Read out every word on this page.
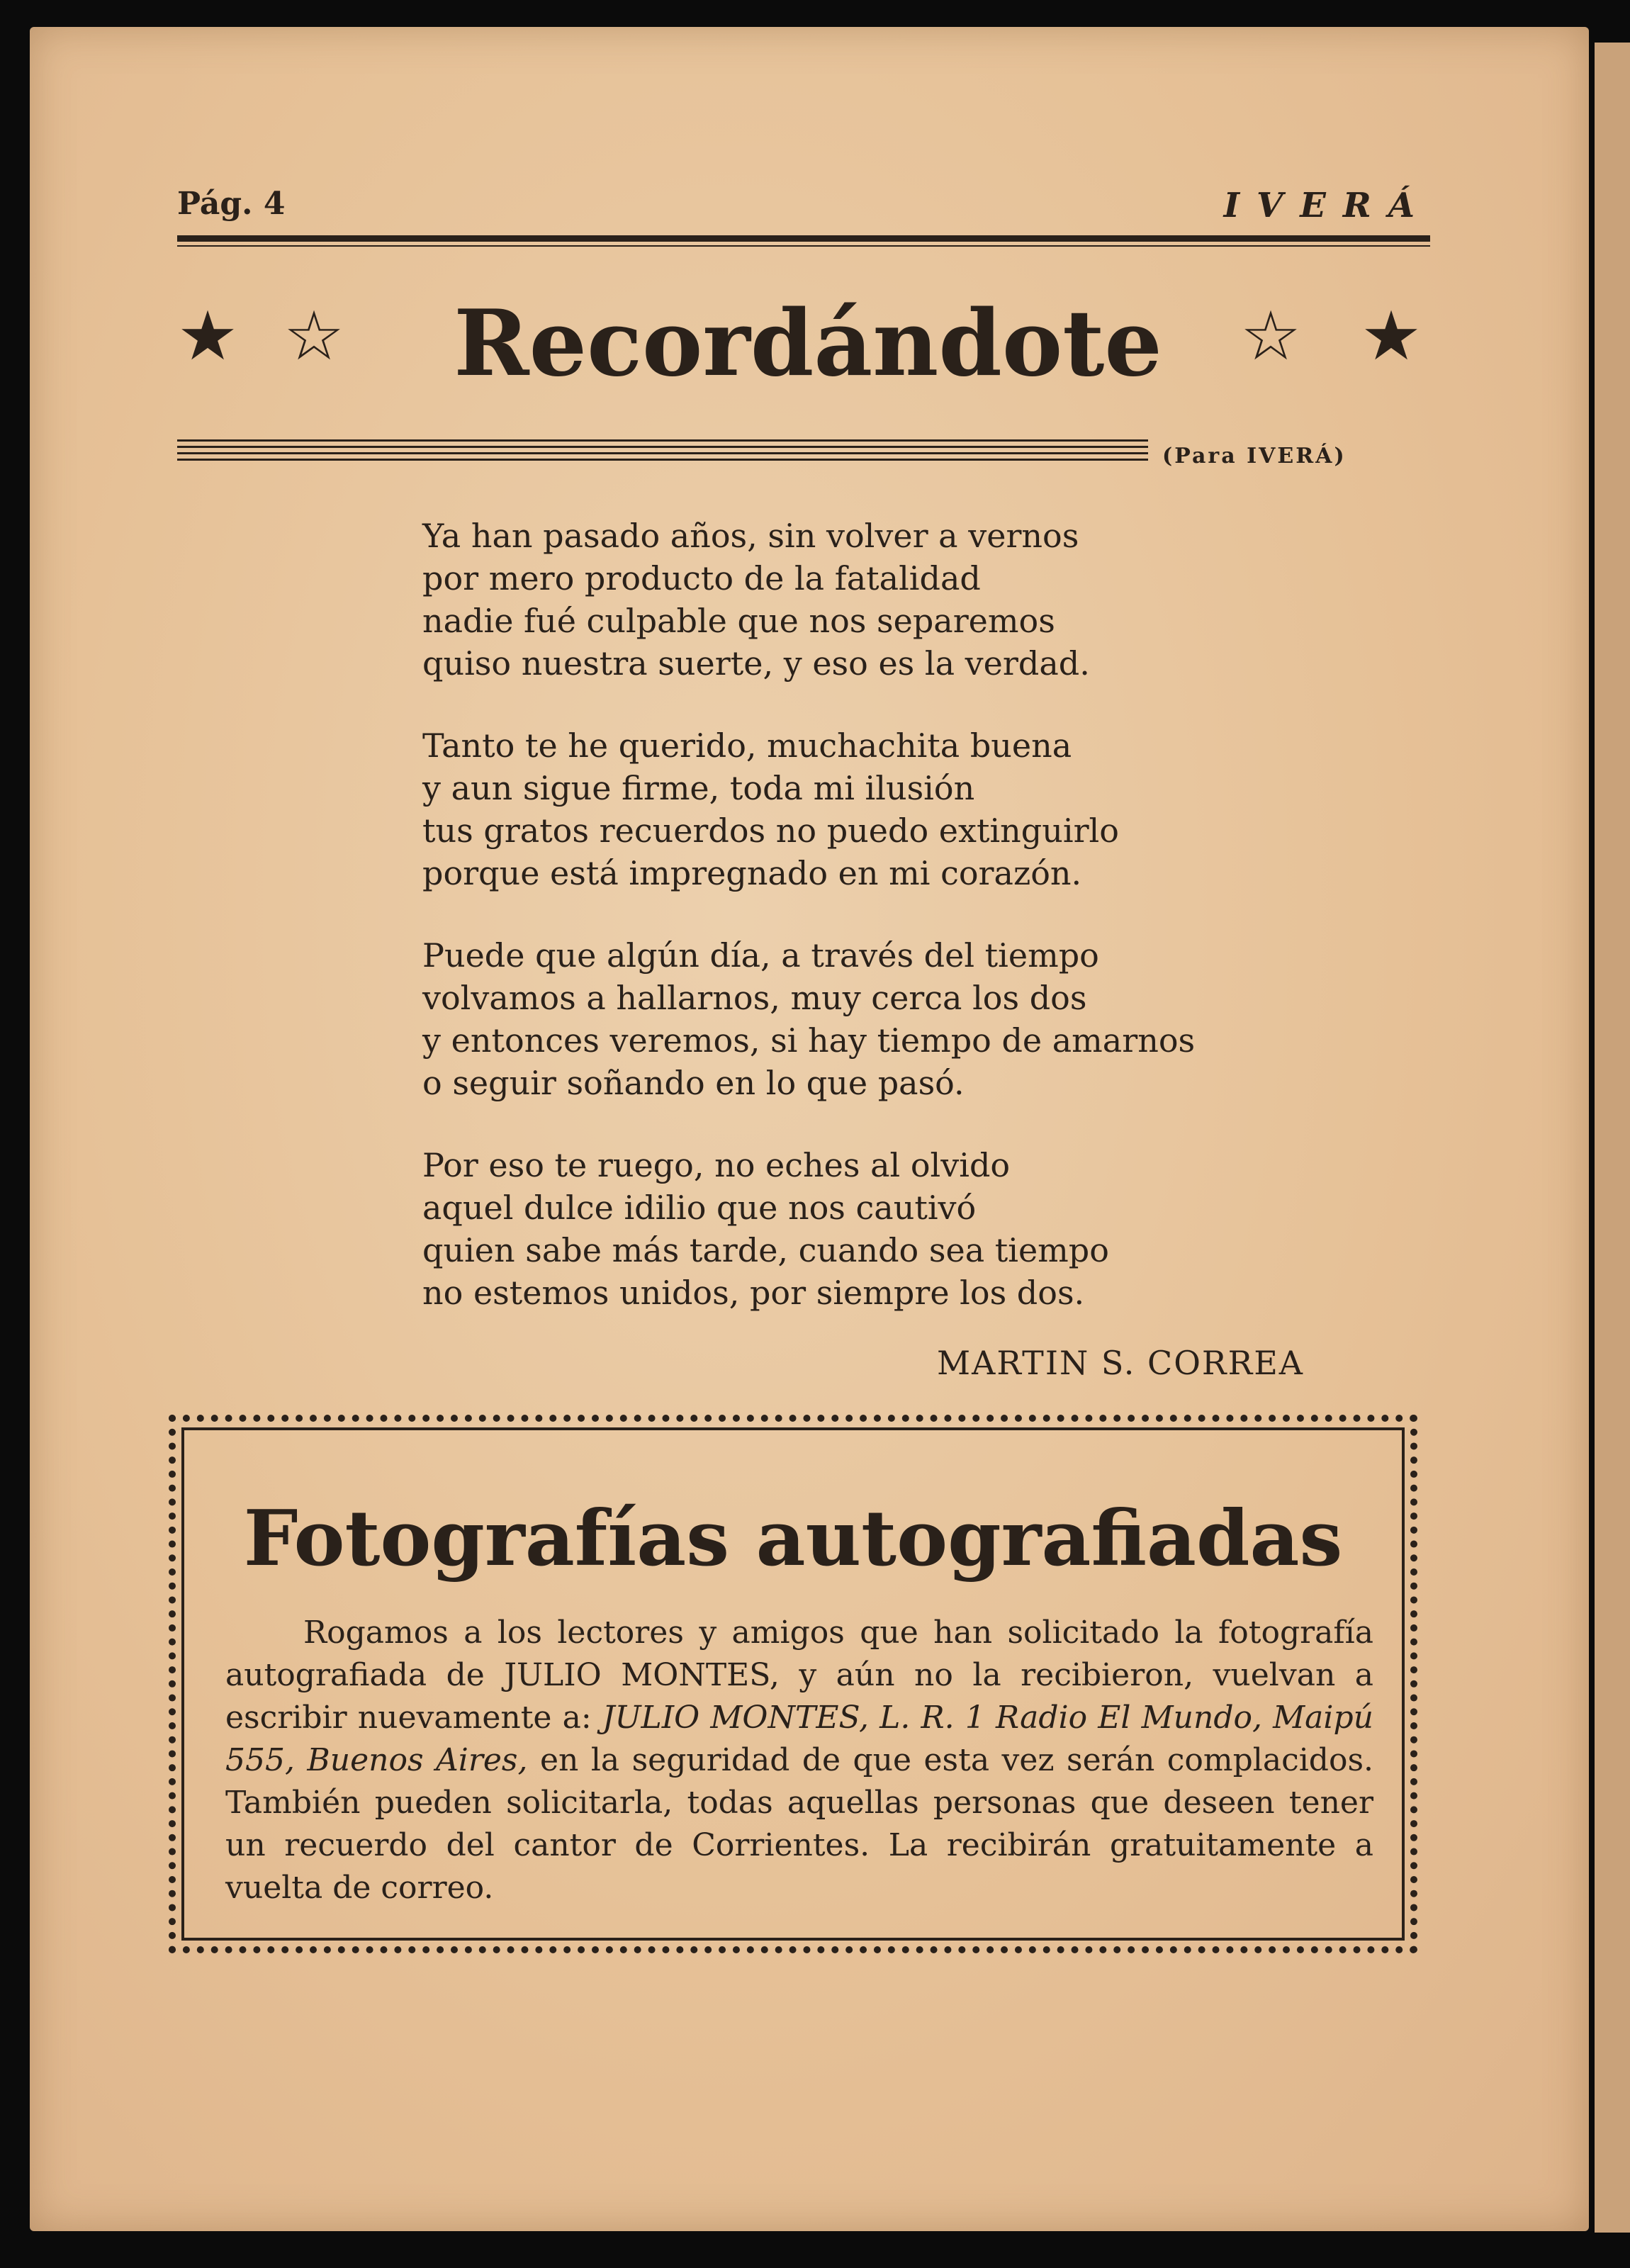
Pág. 4	IVERÁ
★ ☆	Recordándote	☆ ★
(Para IVERÁ)
Ya han pasado años, sin volver a vernos
por mero producto de la fatalidad
nadie fué culpable que nos separemos
quiso nuestra suerte, y eso es la verdad.
Tanto te he querido, muchachita buena
y aun sigue firme, toda mi ilusión
tus gratos recuerdos no puedo extinguirlo
porque está impregnado en mi corazón.
Puede que algún día, a través del tiempo
volvamos a hallarnos, muy cerca los dos
y entonces veremos, si hay tiempo de amarnos
o seguir soñando en lo que pasó.
Por eso te ruego, no eches al olvido
aquel dulce idilio que nos cautivó
quien sabe más tarde, cuando sea tiempo
no estemos unidos, por siempre los dos.
MARTIN S. CORREA
Fotografías autografiadas
Rogamos a los lectores y amigos que han solicitado la fotografía autografiada de JULIO MONTES, y aún no la recibieron, vuelvan a escribir nuevamente a: JULIO MONTES, L. R. 1 Radio El Mundo, Maipú 555, Buenos Aires, en la seguridad de que esta vez serán complacidos. También pueden solicitarla, todas aquellas personas que deseen tener un recuerdo del cantor de Corrientes. La recibirán gratuitamente a vuelta de correo.
